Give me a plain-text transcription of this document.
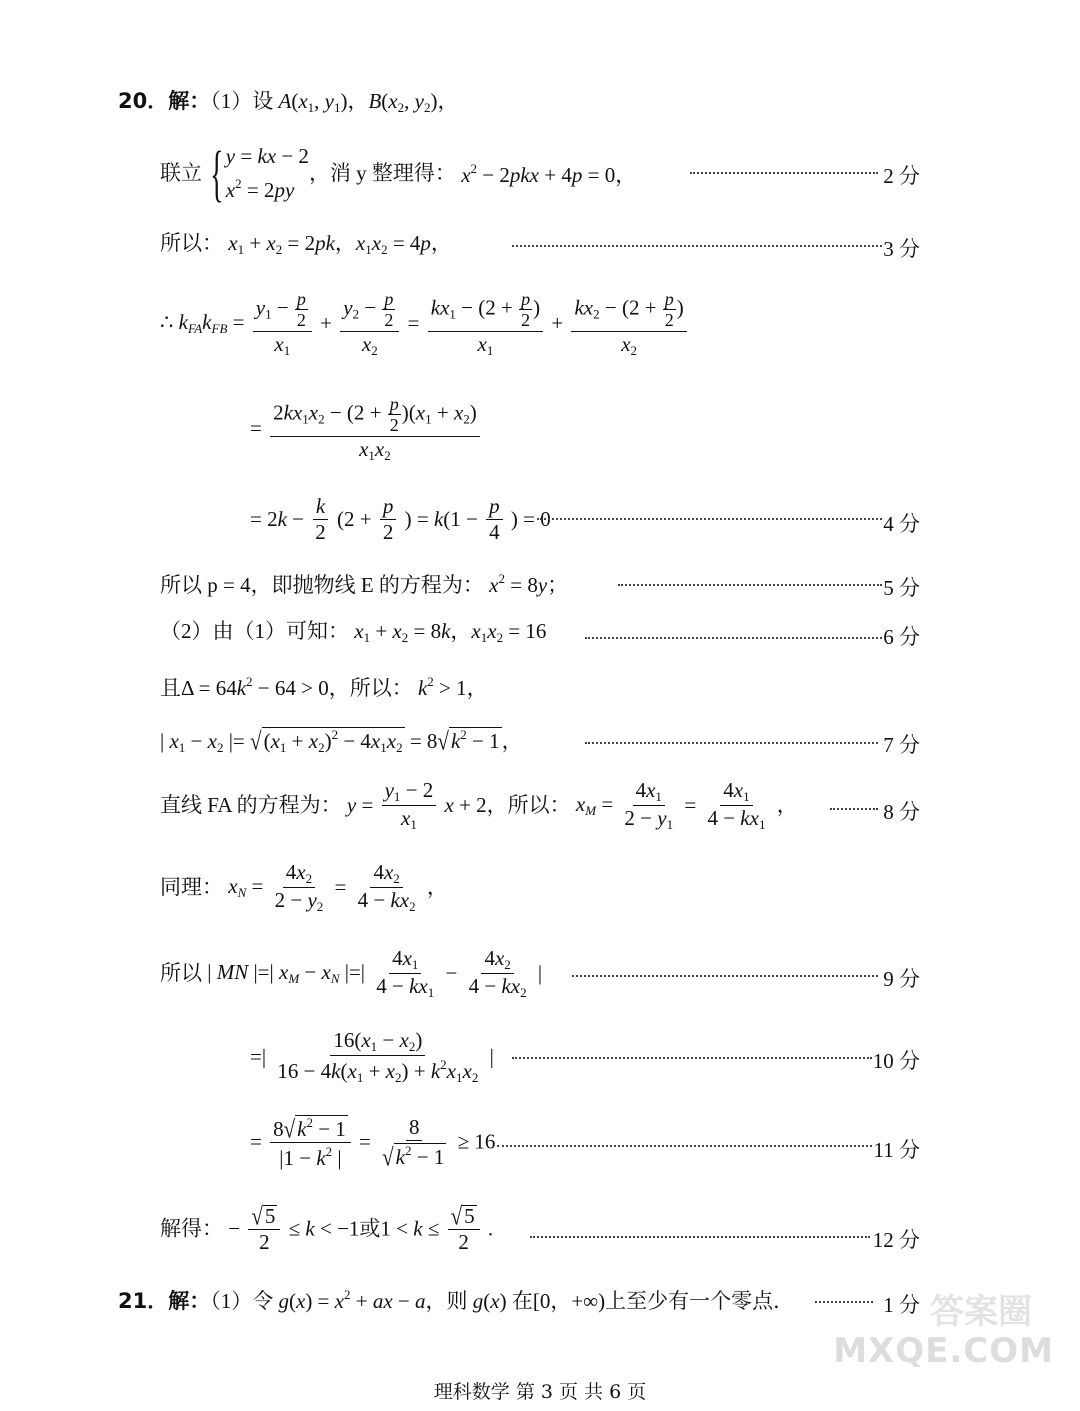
20．解：（1）设 $A(x_1$, $y_1$)，$B(x_2$, $y_2$)，
联立 { y = kx − 2
$x^2 = 2py$
，消 y 整理得： $x^2 - 2pkx + 4p = 0$，	2 分
所以： $x_1 + x_2 = 2pk$，$x_1x_2 = 4p$，	3 分
∴ $k_{FA}k_{FB} = \frac{y_1 - \frac{p}{2}}{x_1} + \frac{y_2 - \frac{p}{2}}{x_2} = \frac{kx_1 - (2 + \frac{p}{2} )}{x_1} + \frac{kx_2 - (2 + \frac{p}{2} )}{x_2}$
= $\frac{2kx_1x_2 - (2 + \frac{p}{2} )(x_1 + x_2)}{x_1x_2}$
= $2k - \frac{k}{2} (2 + \frac{p}{2}$ ) = $k(1 - \frac{p}{4}$ ) = 0	4 分
所以 p = 4，即抛物线 E 的方程为： $x^2 = 8y$；	5 分
（2）由（1）可知： $x_1 + x_2 = 8k$，$x_1x_2 = 16$	6 分
且$\Delta = 64k^2 - 64 > 0$，所以： $k^2 > 1$，
| $x_1 - x_2$ |= $√(x_1 + x_2)^2 - 4x_1x_2 = 8√k^2 - 1$，	7 分
直线 FA 的方程为： $y = \frac{y_1 - 2}{x_1}$ x + 2，所以： $x_M = \frac{4x_1}{2 - y_1} = \frac{4x_1}{4 - kx_1}$ ，	8 分
同理： $x_N = \frac{4x_2}{2 - y_2} = \frac{4x_2}{4 - kx_2}$ ，
所以 | MN |=| $x_M - x_N$ |=| $\frac{4x_1}{4 - kx_1} - \frac{4x_2}{4 - kx_2}$ |	9 分
=| $\frac{16(x_1 - x_2)}{16 - 4k(x_1 + x_2) + k^2x_1x_2}$ |	10 分
= $\frac{8√k^2 - 1}{|1 - k^2 |} = \frac{8}{√k^2 - 1} \ge 16$	11 分
解得： − $\frac{√5}{2} \le k < -1$或$1 < k \le \frac{√5}{2}$ .	12 分
21．解：（1）令 $g(x) = x^2$ + ax − a，则 g(x) 在[0，+∞)上至少有一个零点．	1 分
理科数学 第 3 页 共 6 页
答案圈
MXQE.COM
